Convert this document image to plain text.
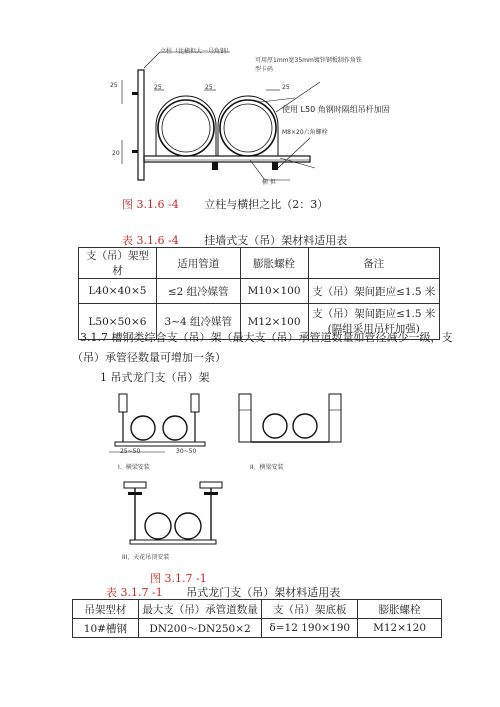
立柱（比横担大一号角钢）
可用厚1mm宽35mm镀锌钢板制作角铁型卡码
使用 L50 角钢时隔组吊杆加固
M8×20六角螺栓
横 担
25	25	25	25
20
图 3.1.6 -4 立柱与横担之比（2：3）
表 3.1.6 -4 挂墙式支（吊）架材料适用表
支（吊）架型材	适用管道	膨胀螺栓	备注
L40×40×5	≤2 组冷媒管	M10×100	支（吊）架间距应≤1.5 米
L50×50×6	3~4 组冷媒管	M12×100	支（吊）架间距应≤1.5 米
(隔组采用吊杆加强)
3.1.7 槽钢类综合支（吊）架（最大支（吊）承管道数量如管径减少一级，支
（吊）承管径数量可增加一条）
1 吊式龙门支（吊）架
25~50	30~50
I、横梁安装	II、横梁安装
III、天花吊顶安装
图 3.1.7 -1
表 3.1.7 -1 吊式龙门支（吊）架材料适用表
吊架型材	最大支（吊）承管道数量	支（吊）架底板	膨胀螺栓
10#槽钢	DN200～DN250×2	δ=12 190×190	M12×120
